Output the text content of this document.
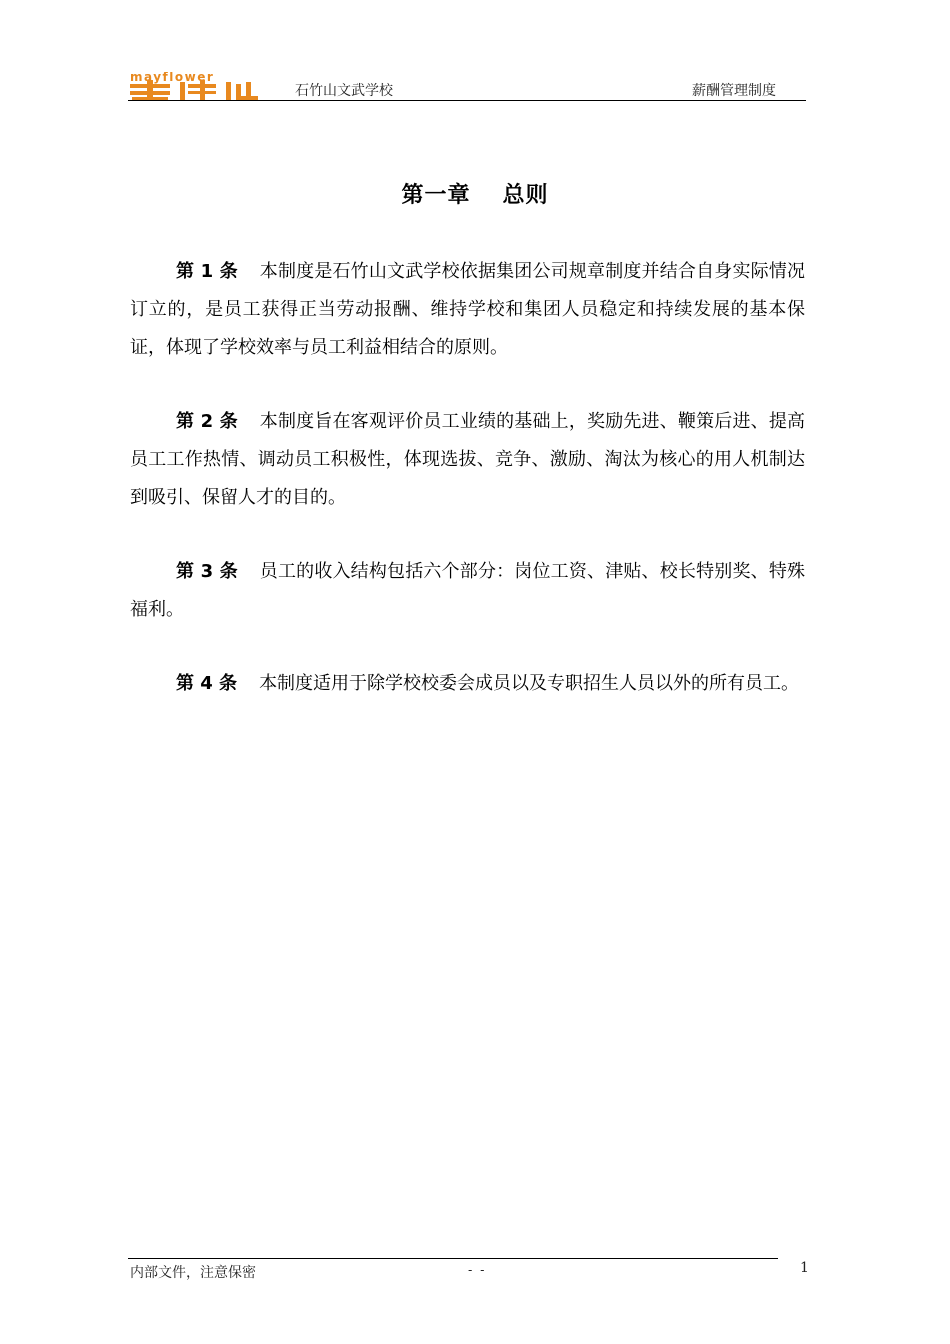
mayflower
石竹山文武学校	薪酬管理制度
第一章 总则

第 1 条 本制度是石竹山文武学校依据集团公司规章制度并结合自身实际情况订立的，是员工获得正当劳动报酬、维持学校和集团人员稳定和持续发展的基本保证，体现了学校效率与员工利益相结合的原则。

第 2 条 本制度旨在客观评价员工业绩的基础上，奖励先进、鞭策后进、提高员工工作热情、调动员工积极性，体现选拔、竞争、激励、淘汰为核心的用人机制达到吸引、保留人才的目的。

第 3 条 员工的收入结构包括六个部分：岗位工资、津贴、校长特别奖、特殊福利。

第 4 条 本制度适用于除学校校委会成员以及专职招生人员以外的所有员工。

内部文件，注意保密	- -	1
